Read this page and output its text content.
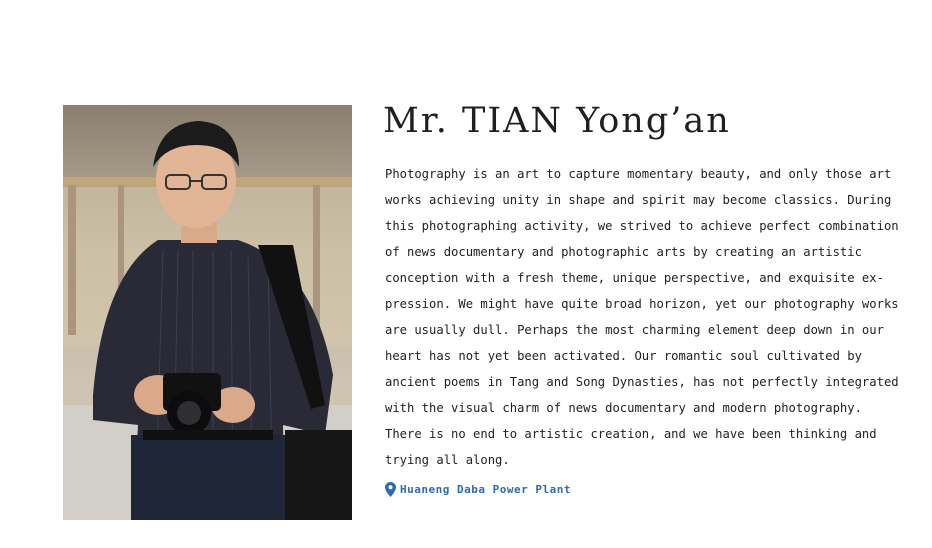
Mr. TIAN Yong’an
Photography is an art to capture momentary beauty, and only those art
works achieving unity in shape and spirit may become classics. During
this photographing activity, we strived to achieve perfect combination
of news documentary and photographic arts by creating an artistic
conception with a fresh theme, unique perspective, and exquisite ex-
pression. We might have quite broad horizon, yet our photography works
are usually dull. Perhaps the most charming element deep down in our
heart has not yet been activated. Our romantic soul cultivated by
ancient poems in Tang and Song Dynasties, has not perfectly integrated
with the visual charm of news documentary and modern photography.
There is no end to artistic creation, and we have been thinking and
trying all along.
Huaneng Daba Power Plant
